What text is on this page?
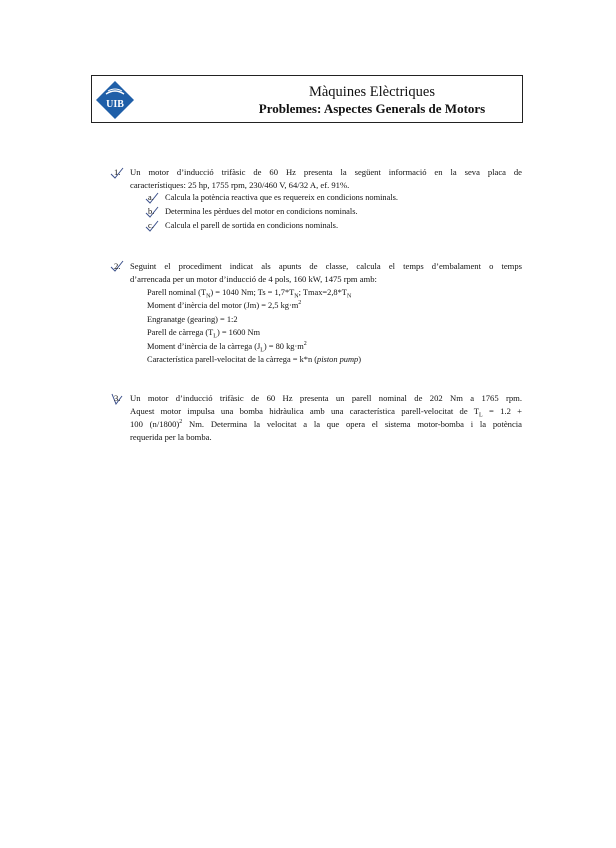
UIB
Màquines Elèctriques
Problemes: Aspectes Generals de Motors
1. Un motor d’inducció trifàsic de 60 Hz presenta la següent informació en la seva placa de
característiques: 25 hp, 1755 rpm, 230/460 V, 64/32 A, ef. 91%.
a. Calcula la potència reactiva que es requereix en condicions nominals.
b. Determina les pèrdues del motor en condicions nominals.
c. Calcula el parell de sortida en condicions nominals.
2. Seguint el procediment indicat als apunts de classe, calcula el temps d’embalament o temps
d’arrencada per un motor d’inducció de 4 pols, 160 kW, 1475 rpm amb:
Parell nominal $(T_N) = 1040$ Nm; $Ts = 1,7*T_N$; $Tmax=2,8*T_N$
Moment d’inèrcia del motor (Jm) = 2,5 $kg\cdot m^2$
Engranatge (gearing) = 1:2
Parell de càrrega $(T_L) = 1600$ Nm
Moment d’inèrcia de la càrrega $(J_L) = 80$ $kg\cdot m^2$
Característica parell-velocitat de la càrrega = k*n (piston pump)
3. Un motor d’inducció trifàsic de 60 Hz presenta un parell nominal de 202 Nm a 1765 rpm.
Aquest motor impulsa una bomba hidràulica amb una característica parell-velocitat de $T_L = 1.2$ +
100 $(n/1800)^2$ Nm. Determina la velocitat a la que opera el sistema motor-bomba i la potència
requerida per la bomba.
